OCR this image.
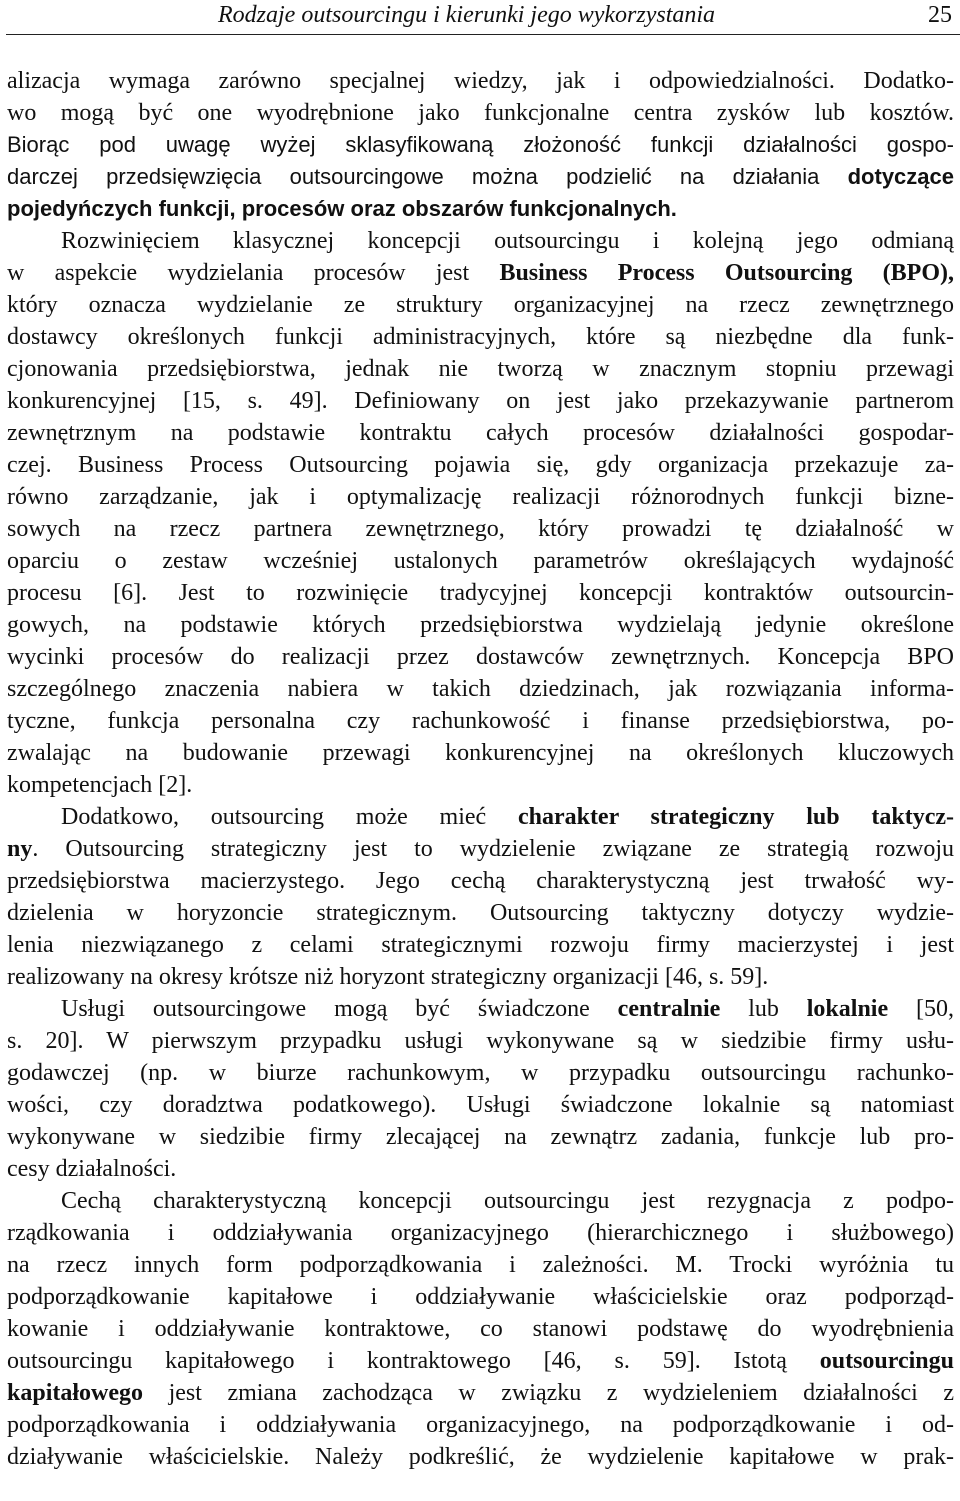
Rodzaje outsourcingu i kierunki jego wykorzystania	25
alizacja wymaga zarówno specjalnej wiedzy, jak i odpowiedzialności. Dodatko-
wo mogą być one wyodrębnione jako funkcjonalne centra zysków lub kosztów.
Biorąc pod uwagę wyżej sklasyfikowaną złożoność funkcji działalności gospo-
darczej przedsięwzięcia outsourcingowe można podzielić na działania dotyczące
pojedyńczych funkcji, procesów oraz obszarów funkcjonalnych.
Rozwinięciem klasycznej koncepcji outsourcingu i kolejną jego odmianą
w aspekcie wydzielania procesów jest Business Process Outsourcing (BPO),
który oznacza wydzielanie ze struktury organizacyjnej na rzecz zewnętrznego
dostawcy określonych funkcji administracyjnych, które są niezbędne dla funk-
cjonowania przedsiębiorstwa, jednak nie tworzą w znacznym stopniu przewagi
konkurencyjnej [15, s. 49]. Definiowany on jest jako przekazywanie partnerom
zewnętrznym na podstawie kontraktu całych procesów działalności gospodar-
czej. Business Process Outsourcing pojawia się, gdy organizacja przekazuje za-
równo zarządzanie, jak i optymalizację realizacji różnorodnych funkcji bizne-
sowych na rzecz partnera zewnętrznego, który prowadzi tę działalność w
oparciu o zestaw wcześniej ustalonych parametrów określających wydajność
procesu [6]. Jest to rozwinięcie tradycyjnej koncepcji kontraktów outsourcin-
gowych, na podstawie których przedsiębiorstwa wydzielają jedynie określone
wycinki procesów do realizacji przez dostawców zewnętrznych. Koncepcja BPO
szczególnego znaczenia nabiera w takich dziedzinach, jak rozwiązania informa-
tyczne, funkcja personalna czy rachunkowość i finanse przedsiębiorstwa, po-
zwalając na budowanie przewagi konkurencyjnej na określonych kluczowych
kompetencjach [2].
Dodatkowo, outsourcing może mieć charakter strategiczny lub taktycz-
ny. Outsourcing strategiczny jest to wydzielenie związane ze strategią rozwoju
przedsiębiorstwa macierzystego. Jego cechą charakterystyczną jest trwałość wy-
dzielenia w horyzoncie strategicznym. Outsourcing taktyczny dotyczy wydzie-
lenia niezwiązanego z celami strategicznymi rozwoju firmy macierzystej i jest
realizowany na okresy krótsze niż horyzont strategiczny organizacji [46, s. 59].
Usługi outsourcingowe mogą być świadczone centralnie lub lokalnie [50,
s. 20]. W pierwszym przypadku usługi wykonywane są w siedzibie firmy usłu-
godawczej (np. w biurze rachunkowym, w przypadku outsourcingu rachunko-
wości, czy doradztwa podatkowego). Usługi świadczone lokalnie są natomiast
wykonywane w siedzibie firmy zlecającej na zewnątrz zadania, funkcje lub pro-
cesy działalności.
Cechą charakterystyczną koncepcji outsourcingu jest rezygnacja z podpo-
rządkowania i oddziaływania organizacyjnego (hierarchicznego i służbowego)
na rzecz innych form podporządkowania i zależności. M. Trocki wyróżnia tu
podporządkowanie kapitałowe i oddziaływanie właścicielskie oraz podporząd-
kowanie i oddziaływanie kontraktowe, co stanowi podstawę do wyodrębnienia
outsourcingu kapitałowego i kontraktowego [46, s. 59]. Istotą outsourcingu
kapitałowego jest zmiana zachodząca w związku z wydzieleniem działalności z
podporządkowania i oddziaływania organizacyjnego, na podporządkowanie i od-
działywanie właścicielskie. Należy podkreślić, że wydzielenie kapitałowe w prak-
